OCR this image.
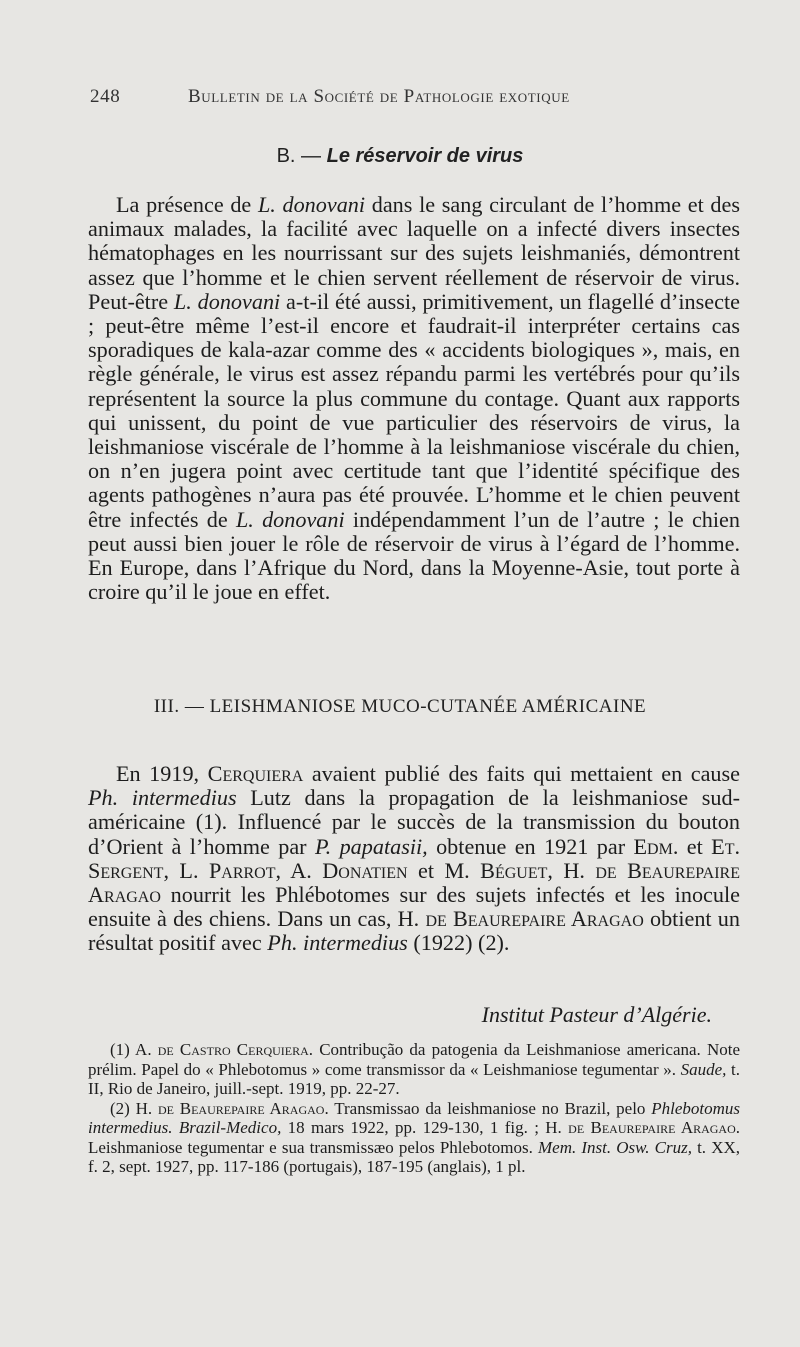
248	Bulletin de la Société de Pathologie exotique
B. — Le réservoir de virus

La présence de L. donovani dans le sang circulant de l’homme et des animaux malades, la facilité avec laquelle on a infecté divers insectes hématophages en les nourrissant sur des sujets leishmaniés, démontrent assez que l’homme et le chien servent réellement de réservoir de virus. Peut-être L. donovani a-t-il été aussi, primitivement, un flagellé d’insecte ; peut-être même l’est-il encore et faudrait-il interpréter certains cas sporadiques de kala-azar comme des « accidents biologiques », mais, en règle générale, le virus est assez répandu parmi les vertébrés pour qu’ils représentent la source la plus commune du contage. Quant aux rapports qui unissent, du point de vue particulier des réservoirs de virus, la leishmaniose viscérale de l’homme à la leishmaniose viscérale du chien, on n’en jugera point avec certitude tant que l’identité spécifique des agents pathogènes n’aura pas été prouvée. L’homme et le chien peuvent être infectés de L. donovani indépendamment l’un de l’autre ; le chien peut aussi bien jouer le rôle de réservoir de virus à l’égard de l’homme. En Europe, dans l’Afrique du Nord, dans la Moyenne-Asie, tout porte à croire qu’il le joue en effet.

III. — LEISHMANIOSE MUCO-CUTANÉE AMÉRICAINE

En 1919, Cerquiera avaient publié des faits qui mettaient en cause Ph. intermedius Lutz dans la propagation de la leishmaniose sud-américaine (1). Influencé par le succès de la transmission du bouton d’Orient à l’homme par P. papatasii, obtenue en 1921 par Edm. et Et. Sergent, L. Parrot, A. Donatien et M. Béguet, H. de Beaurepaire Aragao nourrit les Phlébotomes sur des sujets infectés et les inocule ensuite à des chiens. Dans un cas, H. de Beaurepaire Aragao obtient un résultat positif avec Ph. intermedius (1922) (2).

Institut Pasteur d’Algérie.

(1) A. de Castro Cerquiera. Contribução da patogenia da Leishmaniose americana. Note prélim. Papel do « Phlebotomus » come transmissor da « Leishmaniose tegumentar ». Saude, t. II, Rio de Janeiro, juill.-sept. 1919, pp. 22-27.

(2) H. de Beaurepaire Aragao. Transmissao da leishmaniose no Brazil, pelo Phlebotomus intermedius. Brazil-Medico, 18 mars 1922, pp. 129-130, 1 fig. ; H. de Beaurepaire Aragao. Leishmaniose tegumentar e sua transmissæo pelos Phlebotomos. Mem. Inst. Osw. Cruz, t. XX, f. 2, sept. 1927, pp. 117-186 (portugais), 187-195 (anglais), 1 pl.
